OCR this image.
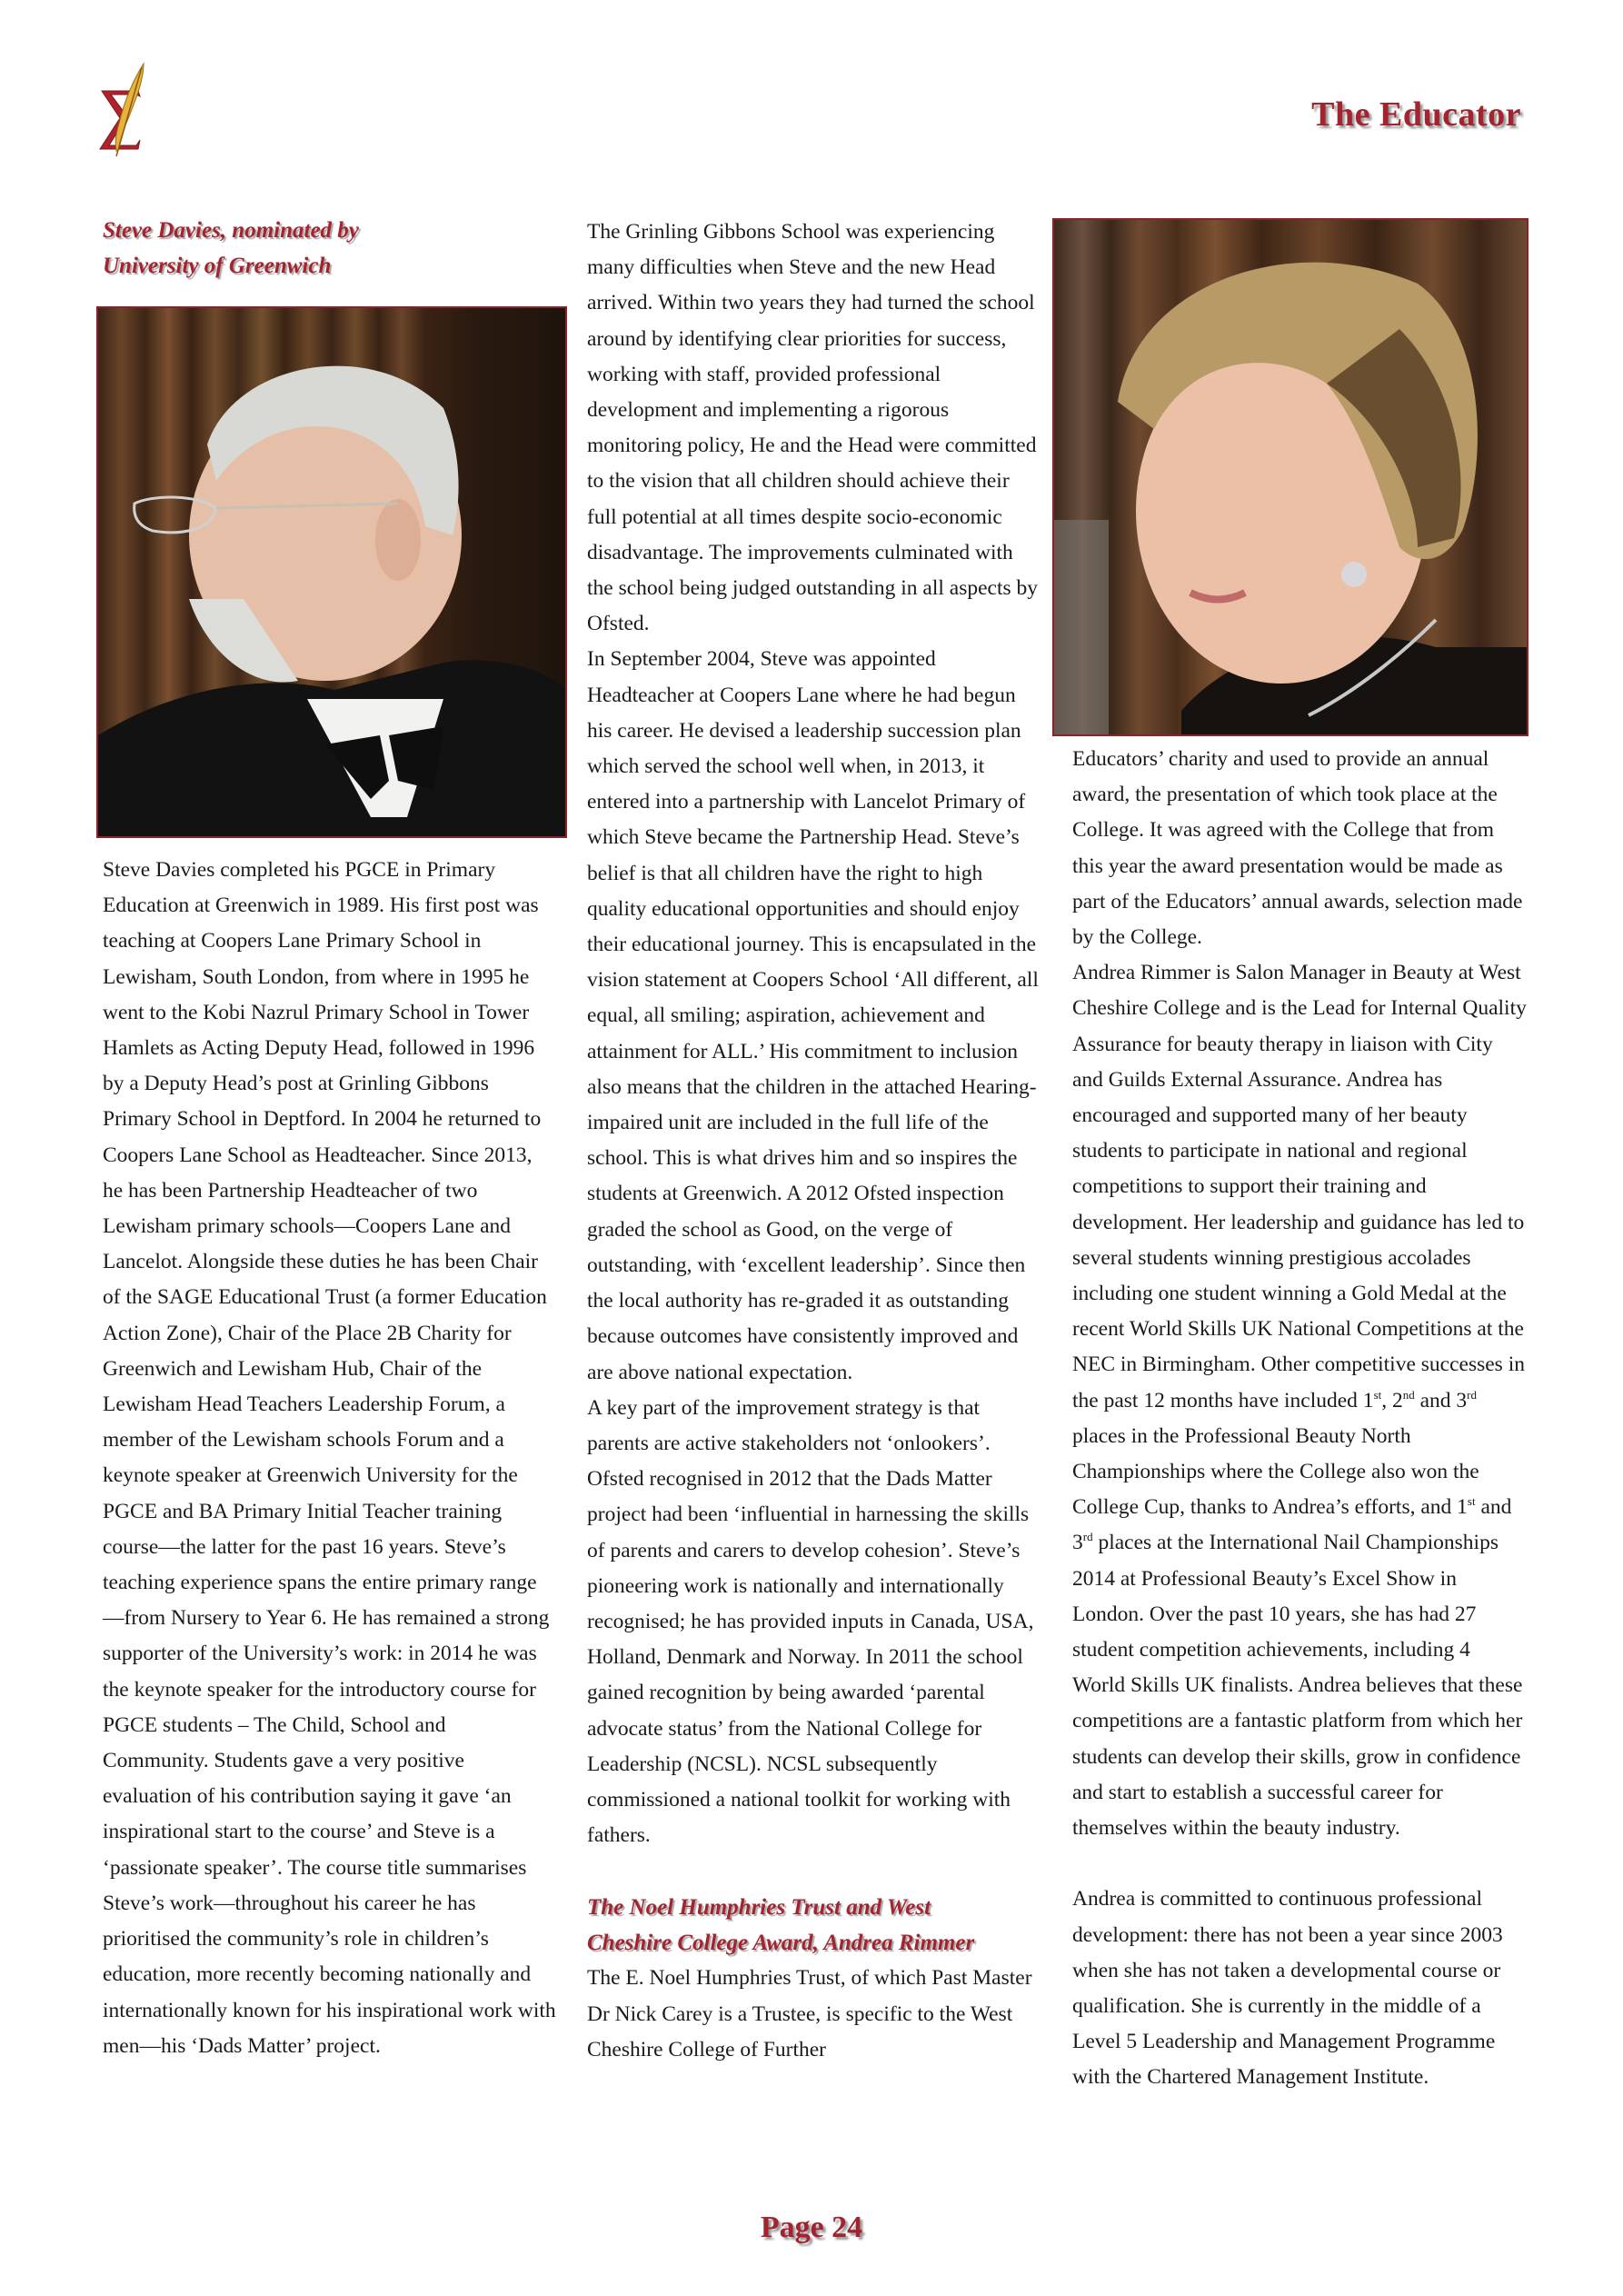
The Educator
Steve Davies, nominated by
University of Greenwich

Steve Davies completed his PGCE in Primary Education at Greenwich in 1989. His first post was teaching at Coopers Lane Primary School in Lewisham, South London, from where in 1995 he went to the Kobi Nazrul Primary School in Tower Hamlets as Acting Deputy Head, followed in 1996 by a Deputy Head’s post at Grinling Gibbons Primary School in Deptford. In 2004 he returned to Coopers Lane School as Headteacher. Since 2013, he has been Partnership Headteacher of two Lewisham primary schools—Coopers Lane and Lancelot. Alongside these duties he has been Chair of the SAGE Educational Trust (a former Education Action Zone), Chair of the Place 2B Charity for Greenwich and Lewisham Hub, Chair of the Lewisham Head Teachers Leadership Forum, a member of the Lewisham schools Forum and a keynote speaker at Greenwich University for the PGCE and BA Primary Initial Teacher training course—the latter for the past 16 years. Steve’s teaching experience spans the entire primary range—from Nursery to Year 6. He has remained a strong supporter of the University’s work: in 2014 he was the keynote speaker for the introductory course for PGCE students – The Child, School and Community. Students gave a very positive evaluation of his contribution saying it gave ‘an inspirational start to the course’ and Steve is a ‘passionate speaker’. The course title summarises Steve’s work—throughout his career he has prioritised the community’s role in children’s education, more recently becoming nationally and internationally known for his inspirational work with men—his ‘Dads Matter’ project.

The Grinling Gibbons School was experiencing many difficulties when Steve and the new Head arrived. Within two years they had turned the school around by identifying clear priorities for success, working with staff, provided professional development and implementing a rigorous monitoring policy, He and the Head were committed to the vision that all children should achieve their full potential at all times despite socio-economic disadvantage. The improvements culminated with the school being judged outstanding in all aspects by Ofsted.

In September 2004, Steve was appointed Headteacher at Coopers Lane where he had begun his career. He devised a leadership succession plan which served the school well when, in 2013, it entered into a partnership with Lancelot Primary of which Steve became the Partnership Head. Steve’s belief is that all children have the right to high quality educational opportunities and should enjoy their educational journey. This is encapsulated in the vision statement at Coopers School ‘All different, all equal, all smiling; aspiration, achievement and attainment for ALL.’ His commitment to inclusion also means that the children in the attached Hearing-impaired unit are included in the full life of the school. This is what drives him and so inspires the students at Greenwich. A 2012 Ofsted inspection graded the school as Good, on the verge of outstanding, with ‘excellent leadership’. Since then the local authority has re-graded it as outstanding because outcomes have consistently improved and are above national expectation.

A key part of the improvement strategy is that parents are active stakeholders not ‘onlookers’. Ofsted recognised in 2012 that the Dads Matter project had been ‘influential in harnessing the skills of parents and carers to develop cohesion’. Steve’s pioneering work is nationally and internationally recognised; he has provided inputs in Canada, USA, Holland, Denmark and Norway. In 2011 the school gained recognition by being awarded ‘parental advocate status’ from the National College for Leadership (NCSL). NCSL subsequently commissioned a national toolkit for working with fathers.

The Noel Humphries Trust and West
Cheshire College Award, Andrea Rimmer

The E. Noel Humphries Trust, of which Past Master Dr Nick Carey is a Trustee, is specific to the West Cheshire College of Further

Educators’ charity and used to provide an annual award, the presentation of which took place at the College. It was agreed with the College that from this year the award presentation would be made as part of the Educators’ annual awards, selection made by the College.

Andrea Rimmer is Salon Manager in Beauty at West Cheshire College and is the Lead for Internal Quality Assurance for beauty therapy in liaison with City and Guilds External Assurance. Andrea has encouraged and supported many of her beauty students to participate in national and regional competitions to support their training and development. Her leadership and guidance has led to several students winning prestigious accolades including one student winning a Gold Medal at the recent World Skills UK National Competitions at the NEC in Birmingham. Other competitive successes in the past 12 months have included 1st, 2nd and 3rd places in the Professional Beauty North Championships where the College also won the College Cup, thanks to Andrea’s efforts, and 1st and 3rd places at the International Nail Championships 2014 at Professional Beauty’s Excel Show in London. Over the past 10 years, she has had 27 student competition achievements, including 4 World Skills UK finalists. Andrea believes that these competitions are a fantastic platform from which her students can develop their skills, grow in confidence and start to establish a successful career for themselves within the beauty industry.

Andrea is committed to continuous professional development: there has not been a year since 2003 when she has not taken a developmental course or qualification. She is currently in the middle of a Level 5 Leadership and Management Programme with the Chartered Management Institute.

Page 24
